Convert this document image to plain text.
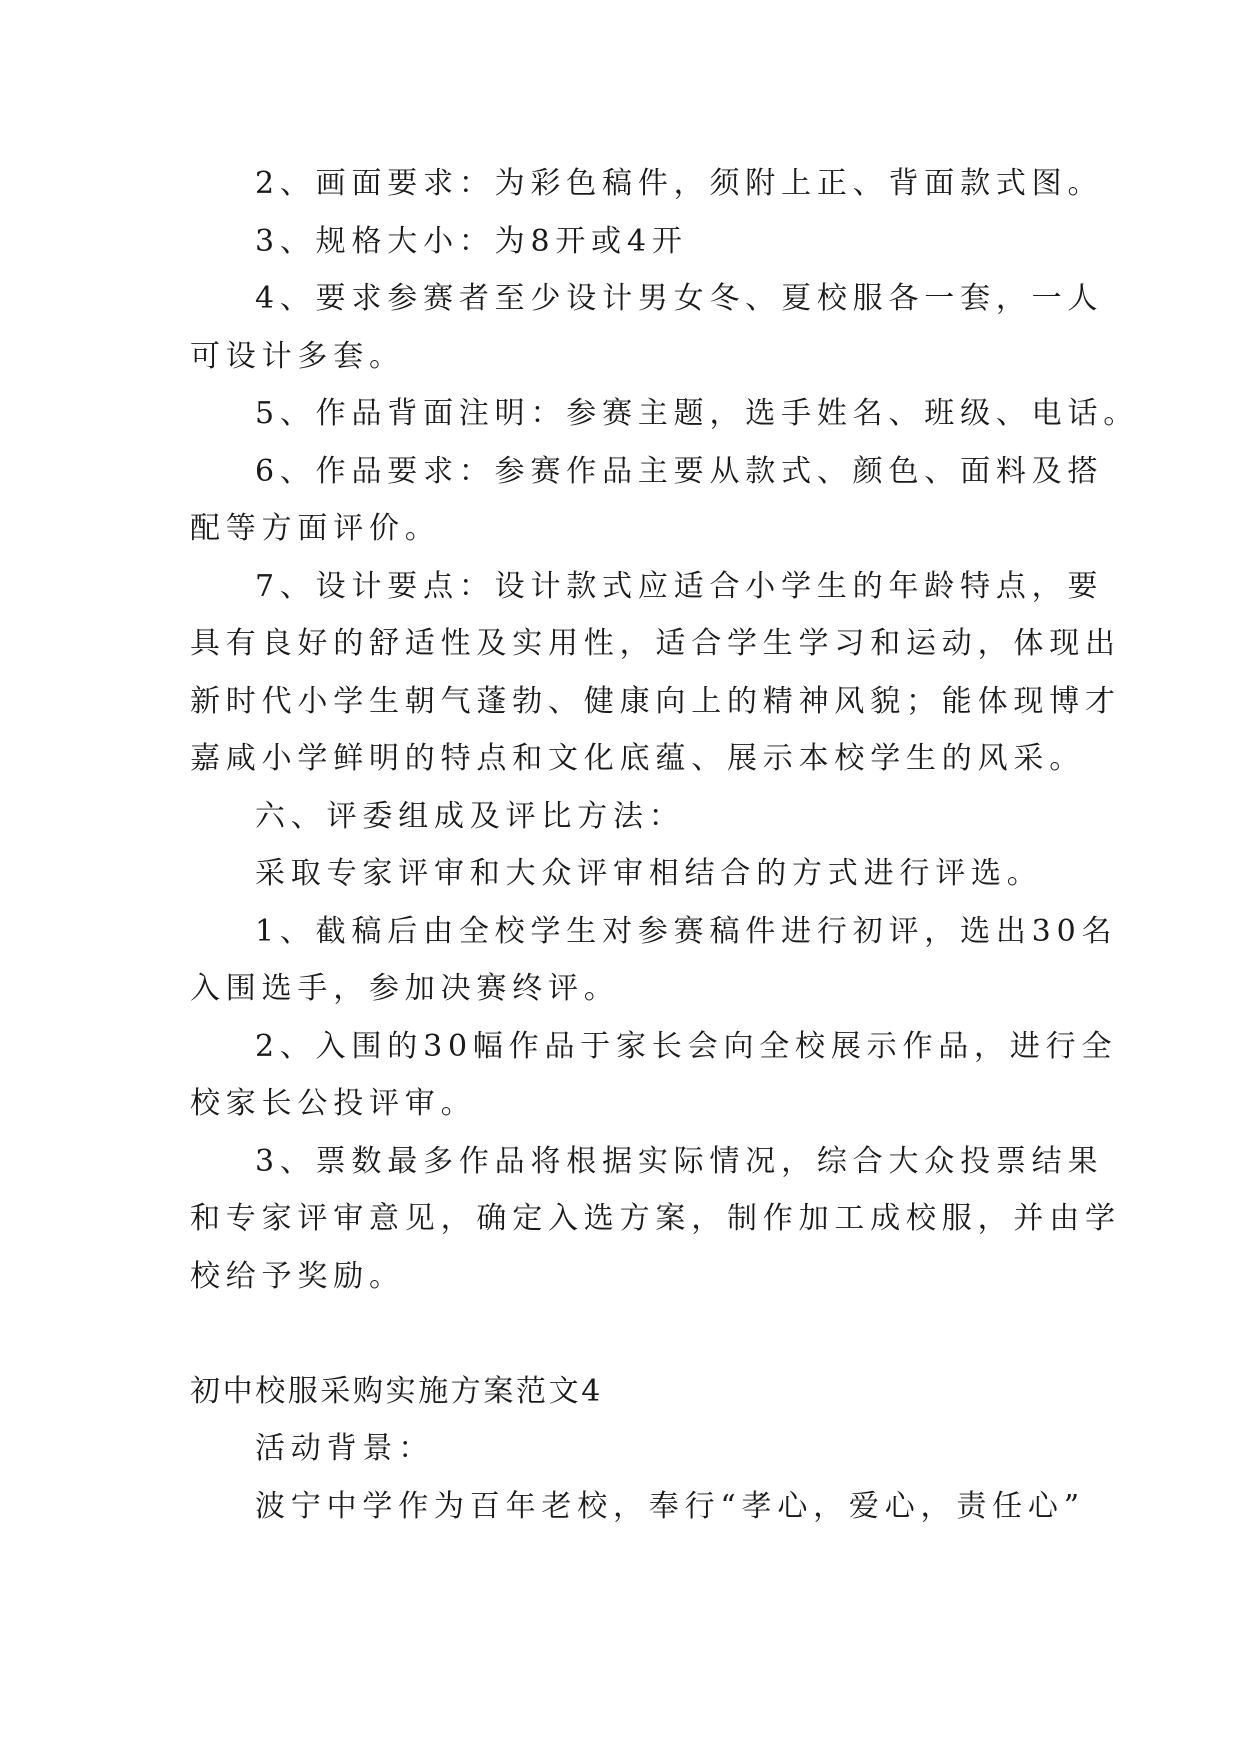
2、画面要求：为彩色稿件，须附上正、背面款式图。
3、规格大小：为8开或4开
4、要求参赛者至少设计男女冬、夏校服各一套，一人
可设计多套。
5、作品背面注明：参赛主题，选手姓名、班级、电话。
6、作品要求：参赛作品主要从款式、颜色、面料及搭
配等方面评价。
7、设计要点：设计款式应适合小学生的年龄特点，要
具有良好的舒适性及实用性，适合学生学习和运动，体现出
新时代小学生朝气蓬勃、健康向上的精神风貌；能体现博才
嘉咸小学鲜明的特点和文化底蕴、展示本校学生的风采。
六、评委组成及评比方法：
采取专家评审和大众评审相结合的方式进行评选。
1、截稿后由全校学生对参赛稿件进行初评，选出30名
入围选手，参加决赛终评。
2、入围的30幅作品于家长会向全校展示作品，进行全
校家长公投评审。
3、票数最多作品将根据实际情况，综合大众投票结果
和专家评审意见，确定入选方案，制作加工成校服，并由学
校给予奖励。
初中校服采购实施方案范文4
活动背景：
波宁中学作为百年老校，奉行“孝心，爱心，责任心”
